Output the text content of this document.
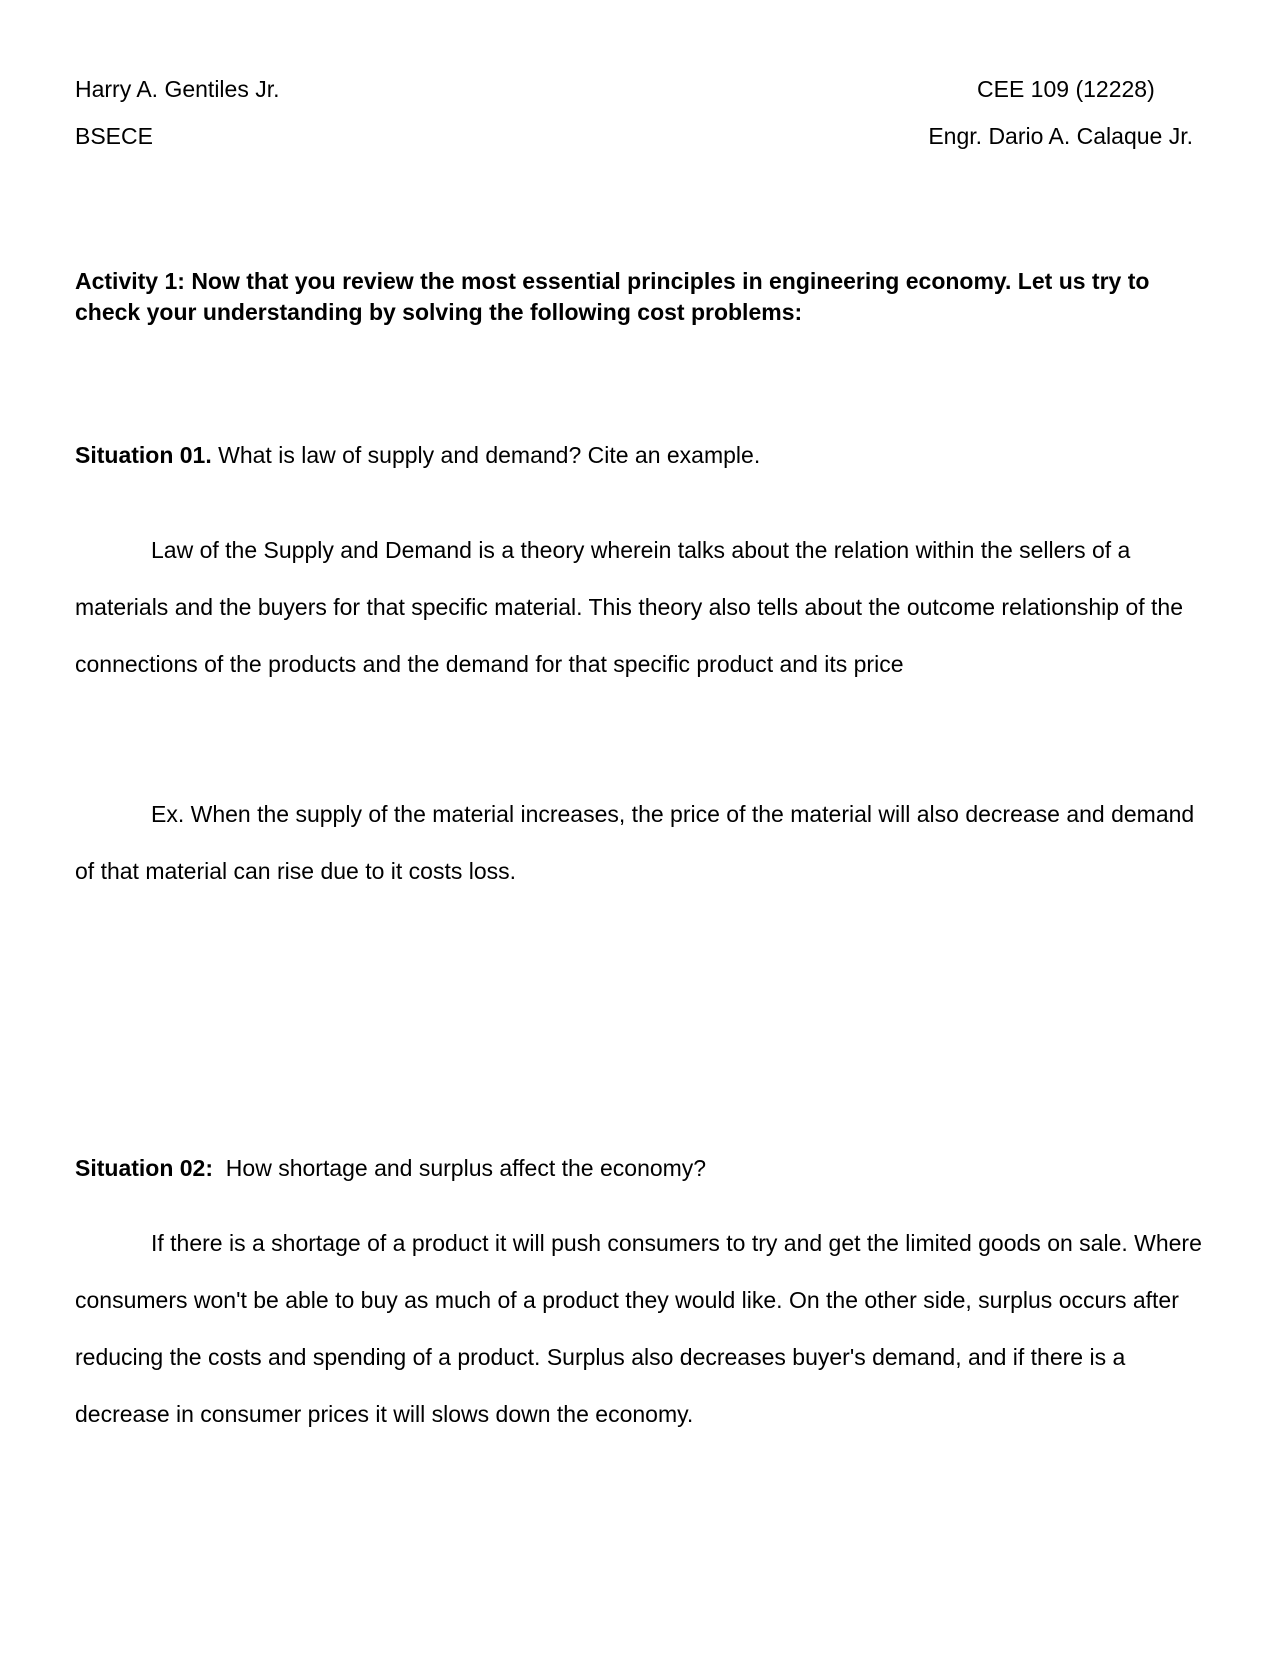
Harry A. Gentiles Jr.
BSECE
CEE 109 (12228)
Engr. Dario A. Calaque Jr.
Activity 1: Now that you review the most essential principles in engineering economy. Let us try to check your understanding by solving the following cost problems:
Situation 01. What is law of supply and demand? Cite an example.
Law of the Supply and Demand is a theory wherein talks about the relation within the sellers of a materials and the buyers for that specific material. This theory also tells about the outcome relationship of the connections of the products and the demand for that specific product and its price
Ex. When the supply of the material increases, the price of the material will also decrease and demand of that material can rise due to it costs loss.
Situation 02:  How shortage and surplus affect the economy?
If there is a shortage of a product it will push consumers to try and get the limited goods on sale. Where consumers won't be able to buy as much of a product they would like. On the other side, surplus occurs after reducing the costs and spending of a product. Surplus also decreases buyer's demand, and if there is a decrease in consumer prices it will slows down the economy.
